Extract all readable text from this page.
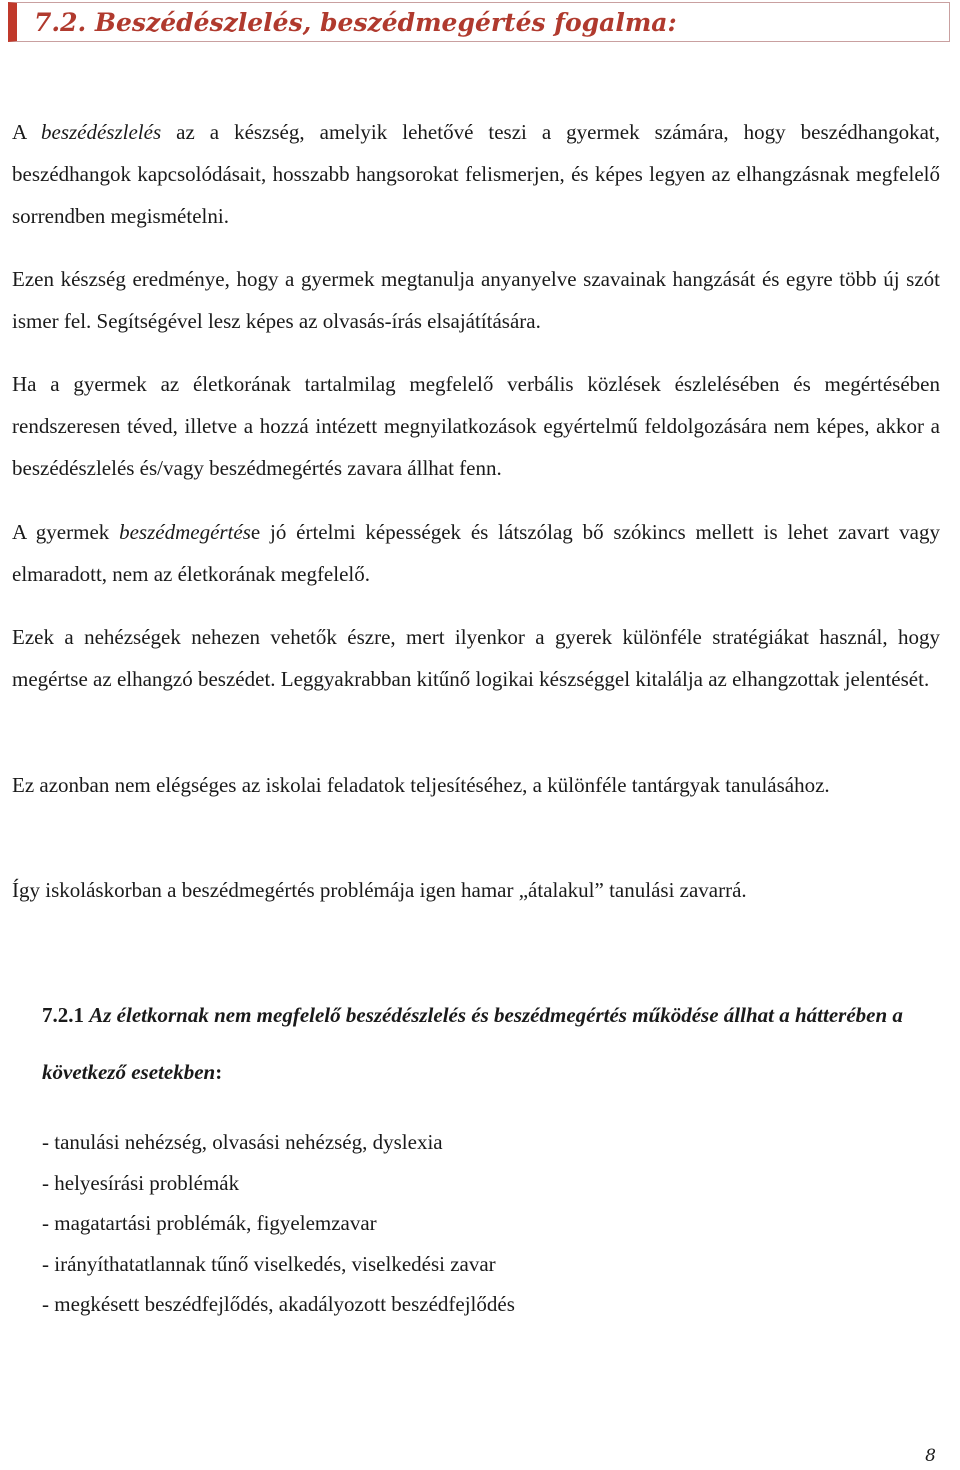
7.2. Beszédészlelés, beszédmegértés fogalma:

A beszédészlelés az a készség, amelyik lehetővé teszi a gyermek számára, hogy beszédhangokat, beszédhangok kapcsolódásait, hosszabb hangsorokat felismerjen, és képes legyen az elhangzásnak megfelelő sorrendben megismételni.

Ezen készség eredménye, hogy a gyermek megtanulja anyanyelve szavainak hangzását és egyre több új szót ismer fel. Segítségével lesz képes az olvasás-írás elsajátítására.

Ha a gyermek az életkorának tartalmilag megfelelő verbális közlések észlelésében és megértésében rendszeresen téved, illetve a hozzá intézett megnyilatkozások egyértelmű feldolgozására nem képes, akkor a beszédészlelés és/vagy beszédmegértés zavara állhat fenn.

A gyermek beszédmegértése jó értelmi képességek és látszólag bő szókincs mellett is lehet zavart vagy elmaradott, nem az életkorának megfelelő.

Ezek a nehézségek nehezen vehetők észre, mert ilyenkor a gyerek különféle stratégiákat használ, hogy megértse az elhangzó beszédet. Leggyakrabban kitűnő logikai készséggel kitalálja az elhangzottak jelentését.

Ez azonban nem elégséges az iskolai feladatok teljesítéséhez, a különféle tantárgyak tanulásához.

Így iskoláskorban a beszédmegértés problémája igen hamar „átalakul” tanulási zavarrá.

7.2.1 Az életkornak nem megfelelő beszédészlelés és beszédmegértés működése állhat a hátterében a következő esetekben:

- tanulási nehézség, olvasási nehézség, dyslexia
- helyesírási problémák
- magatartási problémák, figyelemzavar
- irányíthatatlannak tűnő viselkedés, viselkedési zavar
- megkésett beszédfejlődés, akadályozott beszédfejlődés
8
